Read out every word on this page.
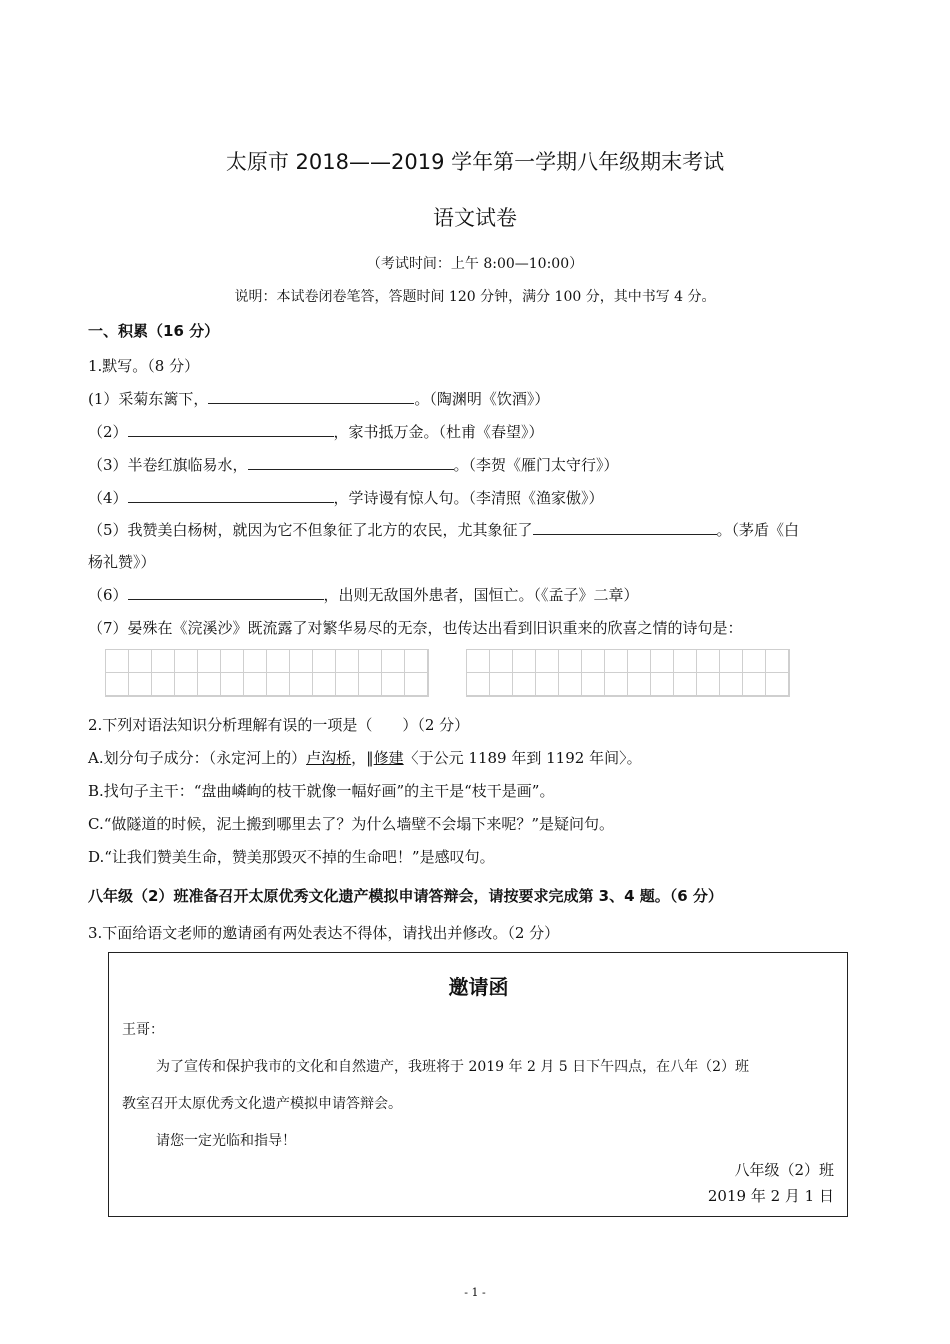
太原市 2018——2019 学年第一学期八年级期末考试
语文试卷
（考试时间：上午 8:00—10:00）
说明：本试卷闭卷笔答，答题时间 120 分钟，满分 100 分，其中书写 4 分。
一、积累（16 分）
1.默写。（8 分）
(1）采菊东篱下，	。（陶渊明《饮酒》）
（2）	，家书抵万金。（杜甫《春望》）
（3）半卷红旗临易水，	。（李贺《雁门太守行》）
（4）	，学诗谩有惊人句。（李清照《渔家傲》）
（5）我赞美白杨树，就因为它不但象征了北方的农民，尤其象征了	。（茅盾《白
杨礼赞》）
（6）	，出则无敌国外患者，国恒亡。（《孟子》二章）
（7）晏殊在《浣溪沙》既流露了对繁华易尽的无奈，也传达出看到旧识重来的欣喜之情的诗句是：
2.下列对语法知识分析理解有误的一项是（　　）（2 分）
A.划分句子成分：（永定河上的）卢沟桥，‖修建〈于公元 1189 年到 1192 年间〉。
B.找句子主干：“盘曲嶙峋的枝干就像一幅好画”的主干是“枝干是画”。
C.“做隧道的时候，泥土搬到哪里去了？为什么墙壁不会塌下来呢？”是疑问句。
D.“让我们赞美生命，赞美那毁灭不掉的生命吧！”是感叹句。
八年级（2）班准备召开太原优秀文化遗产模拟申请答辩会，请按要求完成第 3、4 题。（6 分）
3.下面给语文老师的邀请函有两处表达不得体，请找出并修改。（2 分）
邀请函
王哥：
为了宣传和保护我市的文化和自然遗产，我班将于 2019 年 2 月 5 日下午四点，在八年（2）班
教室召开太原优秀文化遗产模拟申请答辩会。
请您一定光临和指导！
八年级（2）班
2019 年 2 月 1 日
- 1 -
